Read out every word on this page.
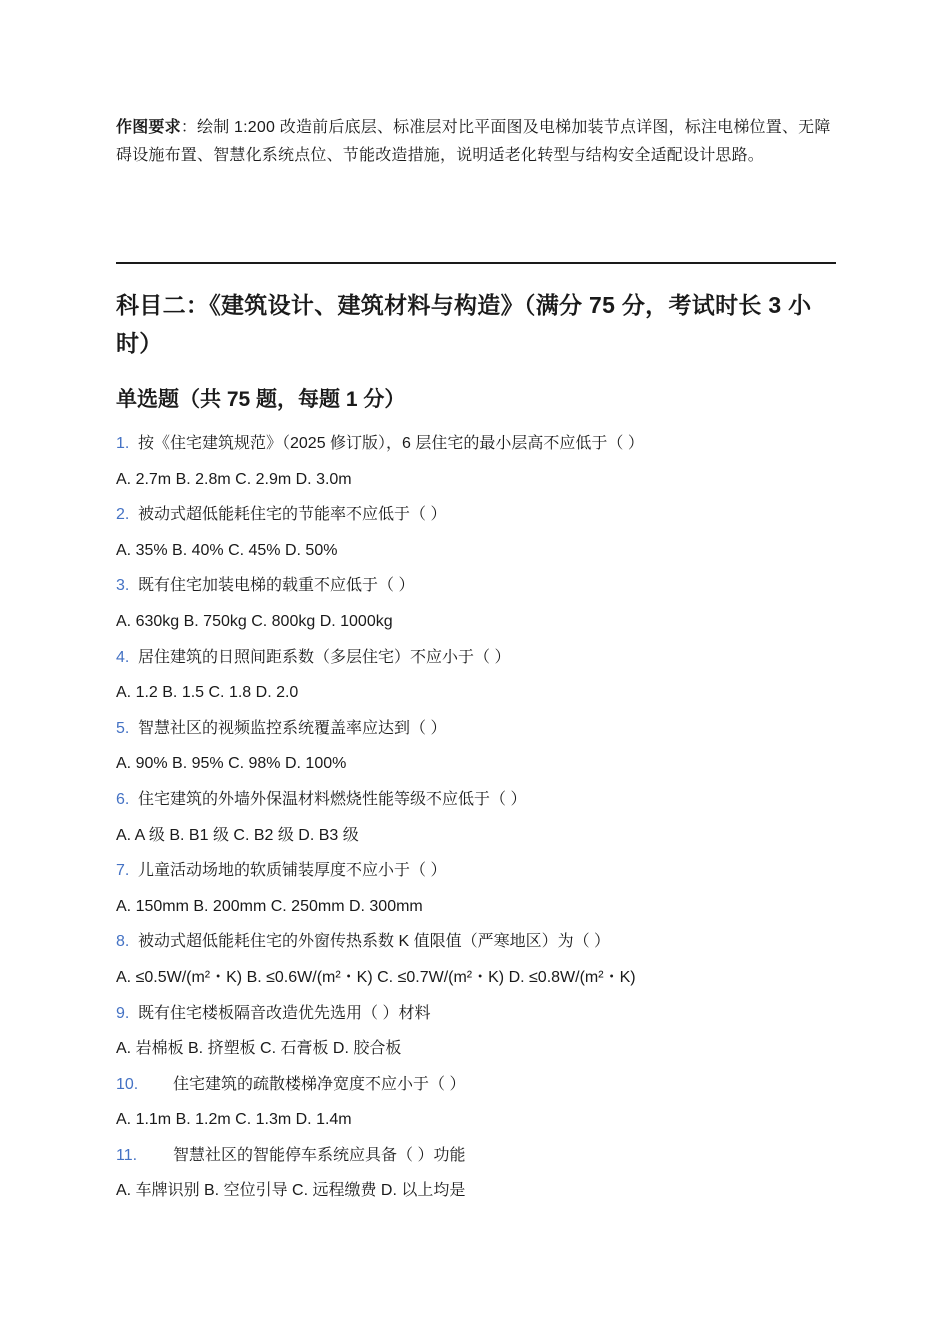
作图要求：绘制 1:200 改造前后底层、标准层对比平面图及电梯加装节点详图，标注电梯位置、无障碍设施布置、智慧化系统点位、节能改造措施，说明适老化转型与结构安全适配设计思路。
科目二：《建筑设计、建筑材料与构造》（满分 75 分，考试时长 3 小时）
单选题（共 75 题，每题 1 分）
1. 按《住宅建筑规范》（2025 修订版），6 层住宅的最小层高不应低于（ ）
A. 2.7m B. 2.8m C. 2.9m D. 3.0m
2. 被动式超低能耗住宅的节能率不应低于（ ）
A. 35% B. 40% C. 45% D. 50%
3. 既有住宅加装电梯的载重不应低于（ ）
A. 630kg B. 750kg C. 800kg D. 1000kg
4. 居住建筑的日照间距系数（多层住宅）不应小于（ ）
A. 1.2 B. 1.5 C. 1.8 D. 2.0
5. 智慧社区的视频监控系统覆盖率应达到（ ）
A. 90% B. 95% C. 98% D. 100%
6. 住宅建筑的外墙外保温材料燃烧性能等级不应低于（ ）
A. A 级 B. B1 级 C. B2 级 D. B3 级
7. 儿童活动场地的软质铺装厚度不应小于（ ）
A. 150mm B. 200mm C. 250mm D. 300mm
8. 被动式超低能耗住宅的外窗传热系数 K 值限值（严寒地区）为（ ）
A. ≤0.5W/(m²・K) B. ≤0.6W/(m²・K) C. ≤0.7W/(m²・K) D. ≤0.8W/(m²・K)
9. 既有住宅楼板隔音改造优先选用（ ）材料
A. 岩棉板 B. 挤塑板 C. 石膏板 D. 胶合板
10. 住宅建筑的疏散楼梯净宽度不应小于（ ）
A. 1.1m B. 1.2m C. 1.3m D. 1.4m
11. 智慧社区的智能停车系统应具备（ ）功能
A. 车牌识别 B. 空位引导 C. 远程缴费 D. 以上均是
